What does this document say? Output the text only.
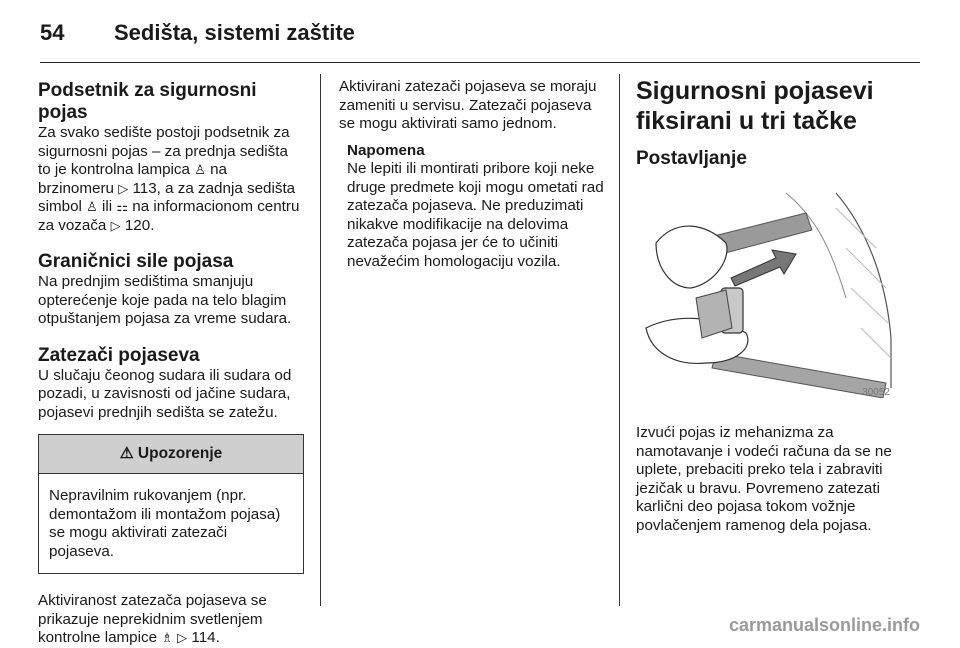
54 Sedišta, sistemi zaštite
Podsetnik za sigurnosni pojas

Za svako sedište postoji podsetnik za sigurnosni pojas – za prednja sedišta to je kontrolna lampica ♙ na brzinomeru ▷ 113, a za zadnja sedišta simbol ♙ ili ⚏ na informacionom centru za vozača ▷ 120.

Graničnici sile pojasa

Na prednjim sedištima smanjuju opterećenje koje pada na telo blagim otpuštanjem pojasa za vreme sudara.

Zatezači pojaseva

U slučaju čeonog sudara ili sudara od pozadi, u zavisnosti od jačine sudara, pojasevi prednjih sedišta se zatežu.

⚠ Upozorenje

Nepravilnim rukovanjem (npr. demontažom ili montažom pojasa) se mogu aktivirati zatezači pojaseva.

Aktiviranost zatezača pojaseva se prikazuje neprekidnim svetlenjem kontrolne lampice ♗ ▷ 114.

Aktivirani zatezači pojaseva se moraju zameniti u servisu. Zatezači pojaseva se mogu aktivirati samo jednom.

Napomena

Ne lepiti ili montirati pribore koji neke druge predmete koji mogu ometati rad zatezača pojaseva. Ne preduzimati nikakve modifikacije na delovima zatezača pojasa jer će to učiniti nevažećim homologaciju vozila.

Sigurnosni pojasevi fiksirani u tri tačke
Postavljanje
30052

Izvući pojas iz mehanizma za namotavanje i vodeći računa da se ne uplete, prebaciti preko tela i zabraviti jezičak u bravu. Povremeno zatezati karlični deo pojasa tokom vožnje povlačenjem ramenog dela pojasa.

carmanualsonline.info
